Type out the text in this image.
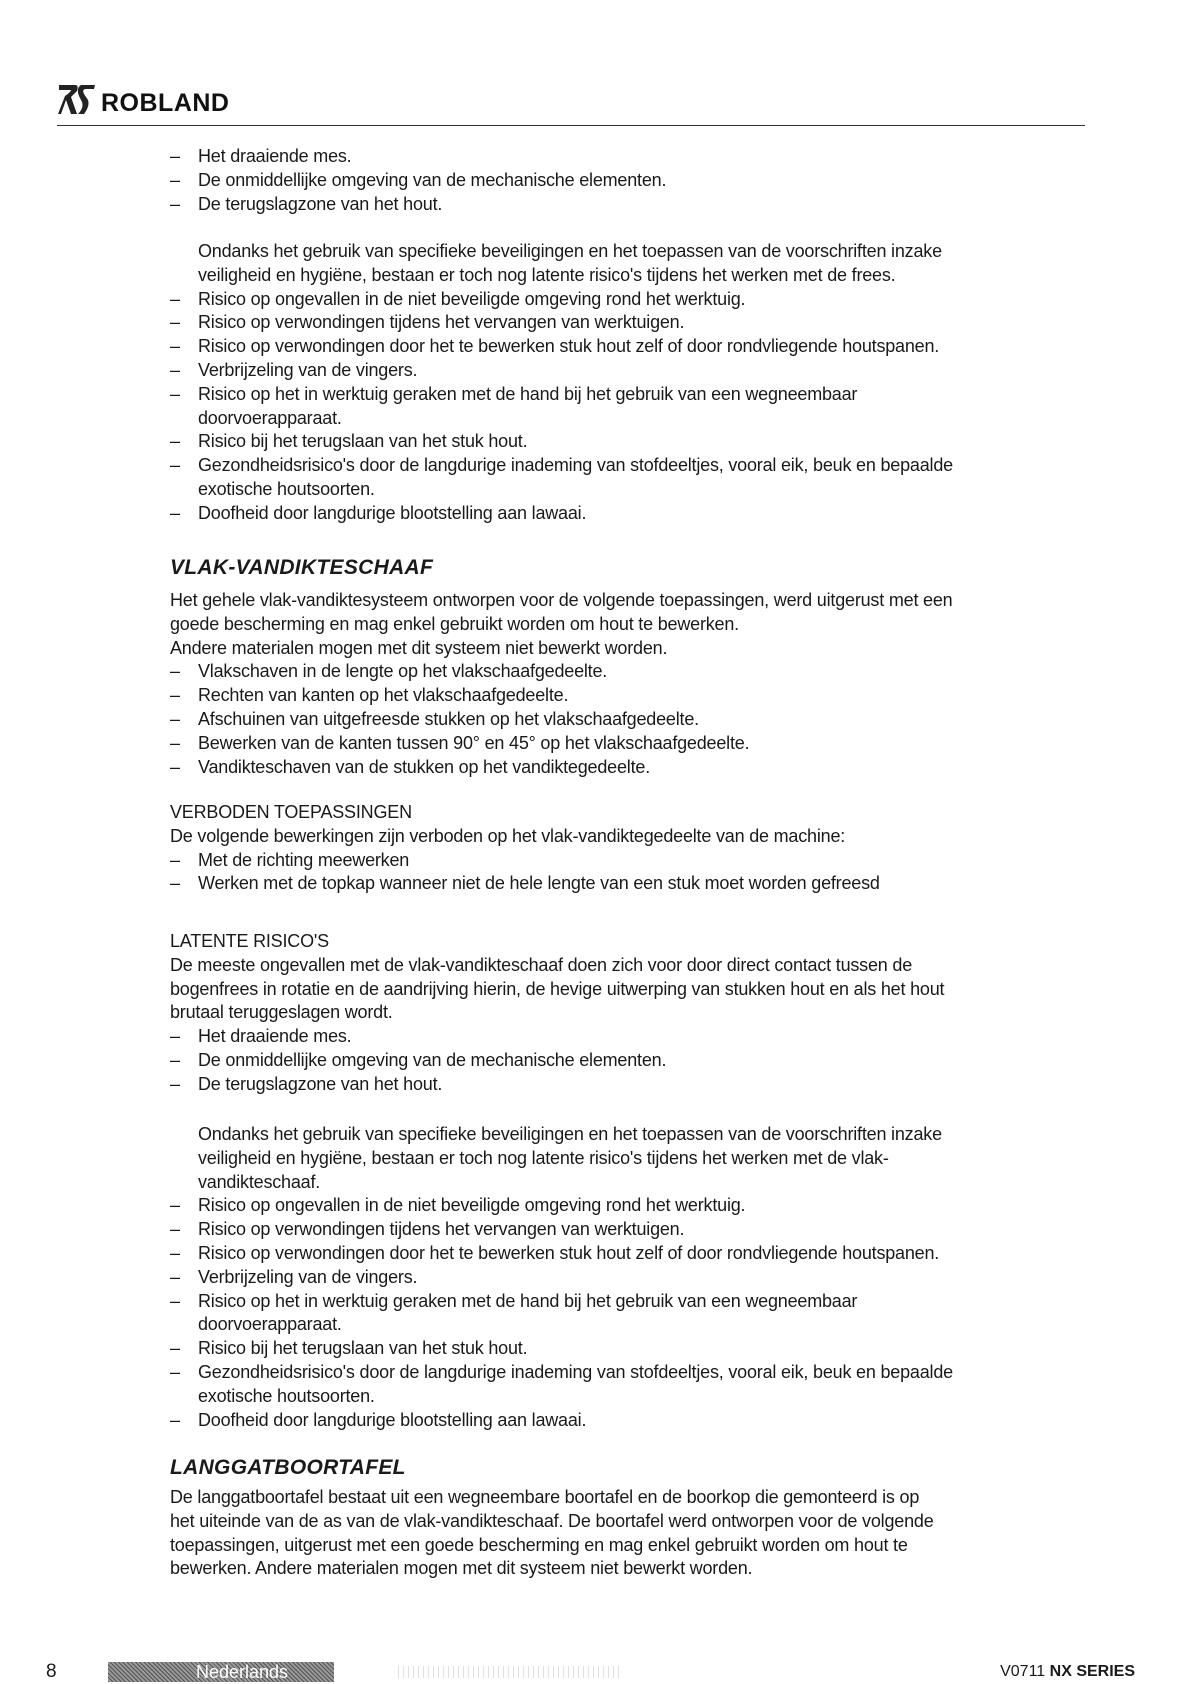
ROBLAND
– Het draaiende mes.
– De onmiddellijke omgeving van de mechanische elementen.
– De terugslagzone van het hout.
Ondanks het gebruik van specifieke beveiligingen en het toepassen van de voorschriften inzake
veiligheid en hygiëne, bestaan er toch nog latente risico's tijdens het werken met de frees.
– Risico op ongevallen in de niet beveiligde omgeving rond het werktuig.
– Risico op verwondingen tijdens het vervangen van werktuigen.
– Risico op verwondingen door het te bewerken stuk hout zelf of door rondvliegende houtspanen.
– Verbrijzeling van de vingers.
– Risico op het in werktuig geraken met de hand bij het gebruik van een wegneembaar
doorvoerapparaat.
– Risico bij het terugslaan van het stuk hout.
– Gezondheidsrisico's door de langdurige inademing van stofdeeltjes, vooral eik, beuk en bepaalde
exotische houtsoorten.
– Doofheid door langdurige blootstelling aan lawaai.
VLAK-VANDIKTESCHAAF
Het gehele vlak-vandiktesysteem ontworpen voor de volgende toepassingen, werd uitgerust met een
goede bescherming en mag enkel gebruikt worden om hout te bewerken.
Andere materialen mogen met dit systeem niet bewerkt worden.
– Vlakschaven in de lengte op het vlakschaafgedeelte.
– Rechten van kanten op het vlakschaafgedeelte.
– Afschuinen van uitgefreesde stukken op het vlakschaafgedeelte.
– Bewerken van de kanten tussen 90° en 45° op het vlakschaafgedeelte.
– Vandikteschaven van de stukken op het vandiktegedeelte.
VERBODEN TOEPASSINGEN
De volgende bewerkingen zijn verboden op het vlak-vandiktegedeelte van de machine:
– Met de richting meewerken
– Werken met de topkap wanneer niet de hele lengte van een stuk moet worden gefreesd
LATENTE RISICO'S
De meeste ongevallen met de vlak-vandikteschaaf doen zich voor door direct contact tussen de
bogenfrees in rotatie en de aandrijving hierin, de hevige uitwerping van stukken hout en als het hout
brutaal teruggeslagen wordt.
– Het draaiende mes.
– De onmiddellijke omgeving van de mechanische elementen.
– De terugslagzone van het hout.
Ondanks het gebruik van specifieke beveiligingen en het toepassen van de voorschriften inzake
veiligheid en hygiëne, bestaan er toch nog latente risico's tijdens het werken met de vlak-
vandikteschaaf.
– Risico op ongevallen in de niet beveiligde omgeving rond het werktuig.
– Risico op verwondingen tijdens het vervangen van werktuigen.
– Risico op verwondingen door het te bewerken stuk hout zelf of door rondvliegende houtspanen.
– Verbrijzeling van de vingers.
– Risico op het in werktuig geraken met de hand bij het gebruik van een wegneembaar
doorvoerapparaat.
– Risico bij het terugslaan van het stuk hout.
– Gezondheidsrisico's door de langdurige inademing van stofdeeltjes, vooral eik, beuk en bepaalde
exotische houtsoorten.
– Doofheid door langdurige blootstelling aan lawaai.
LANGGATBOORTAFEL
De langgatboortafel bestaat uit een wegneembare boortafel en de boorkop die gemonteerd is op
het uiteinde van de as van de vlak-vandikteschaaf. De boortafel werd ontworpen voor de volgende
toepassingen, uitgerust met een goede bescherming en mag enkel gebruikt worden om hout te
bewerken. Andere materialen mogen met dit systeem niet bewerkt worden.
8	Nederlands	V0711 NX SERIES
